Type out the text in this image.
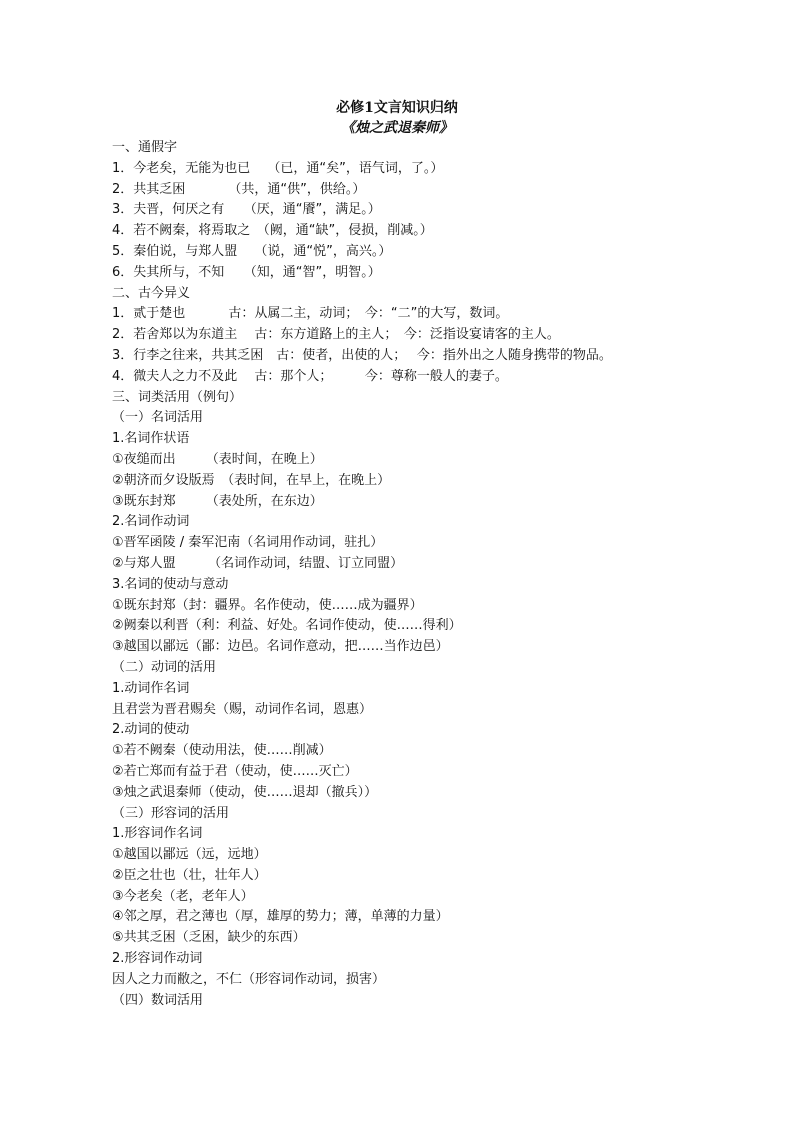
必修1文言知识归纳
《烛之武退秦师》
一、通假字
1．今老矣，无能为也已　 （已，通“矣”，语气词，了。）
2．共其乏困　　　 （共，通“供”，供给。）
3．夫晋，何厌之有　　（厌，通“餍”，满足。）
4．若不阙秦，将焉取之　（阙，通“缺”，侵损，削减。）
5．秦伯说，与郑人盟　 （说，通“悦”，高兴。）
6．失其所与，不知　　（知，通“智”，明智。）
二、古今异义
1．贰于楚也　　　 古：从属二主，动词；　今：“二”的大写，数词。
2．若舍郑以为东道主　 古：东方道路上的主人；　今：泛指设宴请客的主人。
3．行李之往来，共其乏困　古：使者，出使的人；　 今：指外出之人随身携带的物品。
4．微夫人之力不及此　 古：那个人；　　　今：尊称一般人的妻子。
三、词类活用（例句）
（一）名词活用
1.名词作状语
①夜缒而出　　 （表时间，在晚上）
②朝济而夕设版焉　（表时间，在早上，在晚上）
③既东封郑　　 （表处所，在东边）
2.名词作动词
①晋军函陵 / 秦军汜南（名词用作动词，驻扎）
②与郑人盟　　　（名词作动词，结盟、订立同盟）
3.名词的使动与意动
①既东封郑（封：疆界。名作使动，使……成为疆界）
②阙秦以利晋（利：利益、好处。名词作使动，使……得利）
③越国以鄙远（鄙：边邑。名词作意动，把……当作边邑）
（二）动词的活用
1.动词作名词
且君尝为晋君赐矣（赐，动词作名词，恩惠）
2.动词的使动
①若不阙秦（使动用法，使……削减）
②若亡郑而有益于君（使动，使……灭亡）
③烛之武退秦师（使动，使……退却（撤兵））
（三）形容词的活用
1.形容词作名词
①越国以鄙远（远，远地）
②臣之壮也（壮，壮年人）
③今老矣（老，老年人）
④邻之厚，君之薄也（厚，雄厚的势力；薄，单薄的力量）
⑤共其乏困（乏困，缺少的东西）
2.形容词作动词
因人之力而敝之，不仁（形容词作动词，损害）
（四）数词活用
